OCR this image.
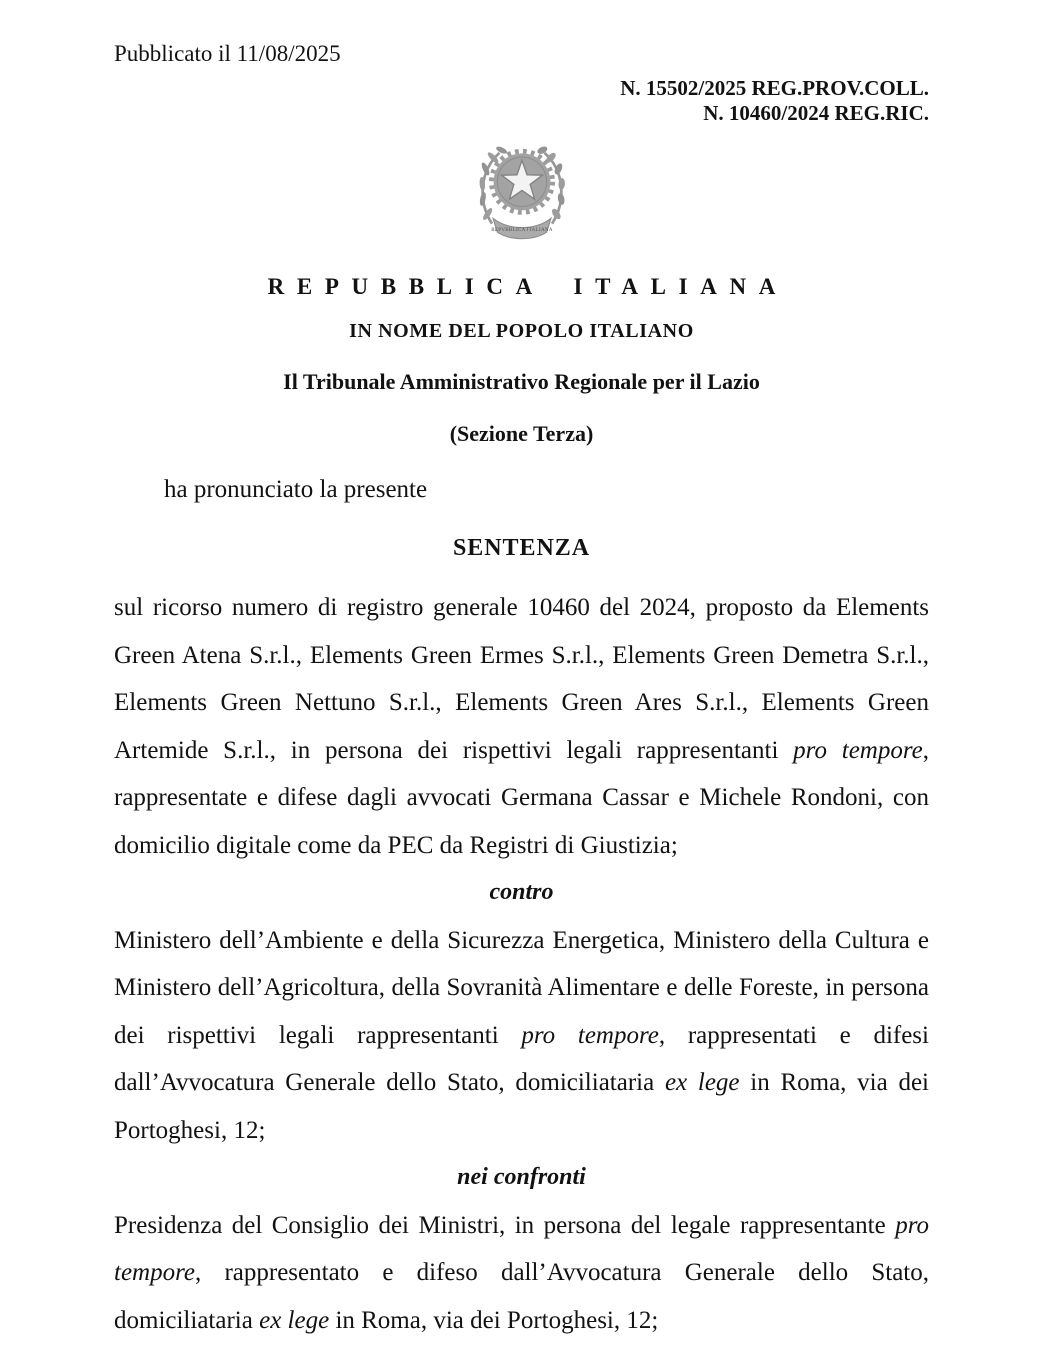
Pubblicato il 11/08/2025
N. 15502/2025 REG.PROV.COLL.
N. 10460/2024 REG.RIC.
REPVBBLICA ITALIANA
REPUBBLICA ITALIANA
IN NOME DEL POPOLO ITALIANO
Il Tribunale Amministrativo Regionale per il Lazio
(Sezione Terza)

ha pronunciato la presente

SENTENZA

sul ricorso numero di registro generale 10460 del 2024, proposto da Elements Green Atena S.r.l., Elements Green Ermes S.r.l., Elements Green Demetra S.r.l., Elements Green Nettuno S.r.l., Elements Green Ares S.r.l., Elements Green Artemide S.r.l., in persona dei rispettivi legali rappresentanti pro tempore, rappresentate e difese dagli avvocati Germana Cassar e Michele Rondoni, con domicilio digitale come da PEC da Registri di Giustizia;

contro

Ministero dell’Ambiente e della Sicurezza Energetica, Ministero della Cultura e Ministero dell’Agricoltura, della Sovranità Alimentare e delle Foreste, in persona dei rispettivi legali rappresentanti pro tempore, rappresentati e difesi dall’Avvocatura Generale dello Stato, domiciliataria ex lege in Roma, via dei Portoghesi, 12;

nei confronti

Presidenza del Consiglio dei Ministri, in persona del legale rappresentante pro tempore, rappresentato e difeso dall’Avvocatura Generale dello Stato, domiciliataria ex lege in Roma, via dei Portoghesi, 12;
